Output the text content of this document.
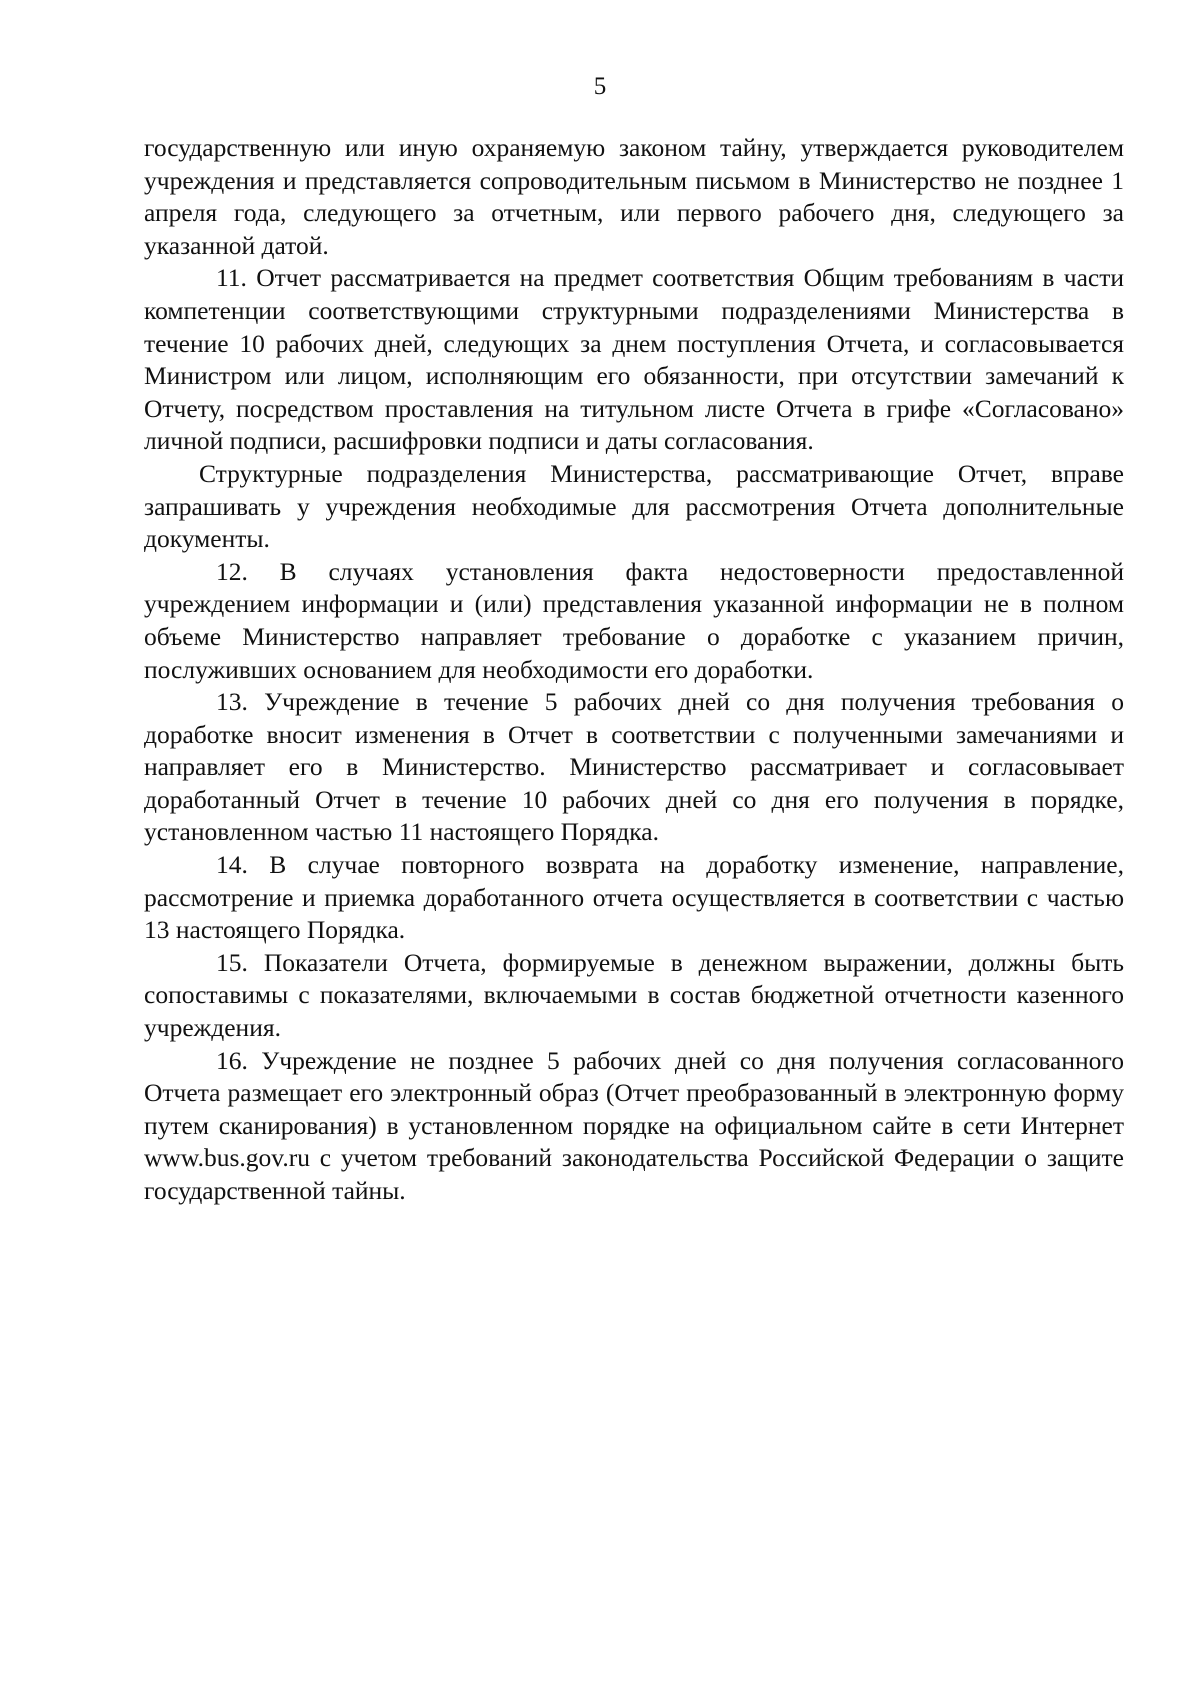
5

государственную или иную охраняемую законом тайну, утверждается руководителем учреждения и представляется сопроводительным письмом в Министерство не позднее 1 апреля года, следующего за отчетным, или первого рабочего дня, следующего за указанной датой.

11. Отчет рассматривается на предмет соответствия Общим требованиям в части компетенции соответствующими структурными подразделениями Министерства в течение 10 рабочих дней, следующих за днем поступления Отчета, и согласовывается Министром или лицом, исполняющим его обязанности, при отсутствии замечаний к Отчету, посредством проставления на титульном листе Отчета в грифе «Согласовано» личной подписи, расшифровки подписи и даты согласования.

Структурные подразделения Министерства, рассматривающие Отчет, вправе запрашивать у учреждения необходимые для рассмотрения Отчета дополнительные документы.

12. В случаях установления факта недостоверности предоставленной учреждением информации и (или) представления указанной информации не в полном объеме Министерство направляет требование о доработке с указанием причин, послуживших основанием для необходимости его доработки.

13. Учреждение в течение 5 рабочих дней со дня получения требования о доработке вносит изменения в Отчет в соответствии с полученными замечаниями и направляет его в Министерство. Министерство рассматривает и согласовывает доработанный Отчет в течение 10 рабочих дней со дня его получения в порядке, установленном частью 11 настоящего Порядка.

14. В случае повторного возврата на доработку изменение, направление, рассмотрение и приемка доработанного отчета осуществляется в соответствии с частью 13 настоящего Порядка.

15. Показатели Отчета, формируемые в денежном выражении, должны быть сопоставимы с показателями, включаемыми в состав бюджетной отчетности казенного учреждения.

16. Учреждение не позднее 5 рабочих дней со дня получения согласованного Отчета размещает его электронный образ (Отчет преобразованный в электронную форму путем сканирования) в установленном порядке на официальном сайте в сети Интернет www.bus.gov.ru с учетом требований законодательства Российской Федерации о защите государственной тайны.
